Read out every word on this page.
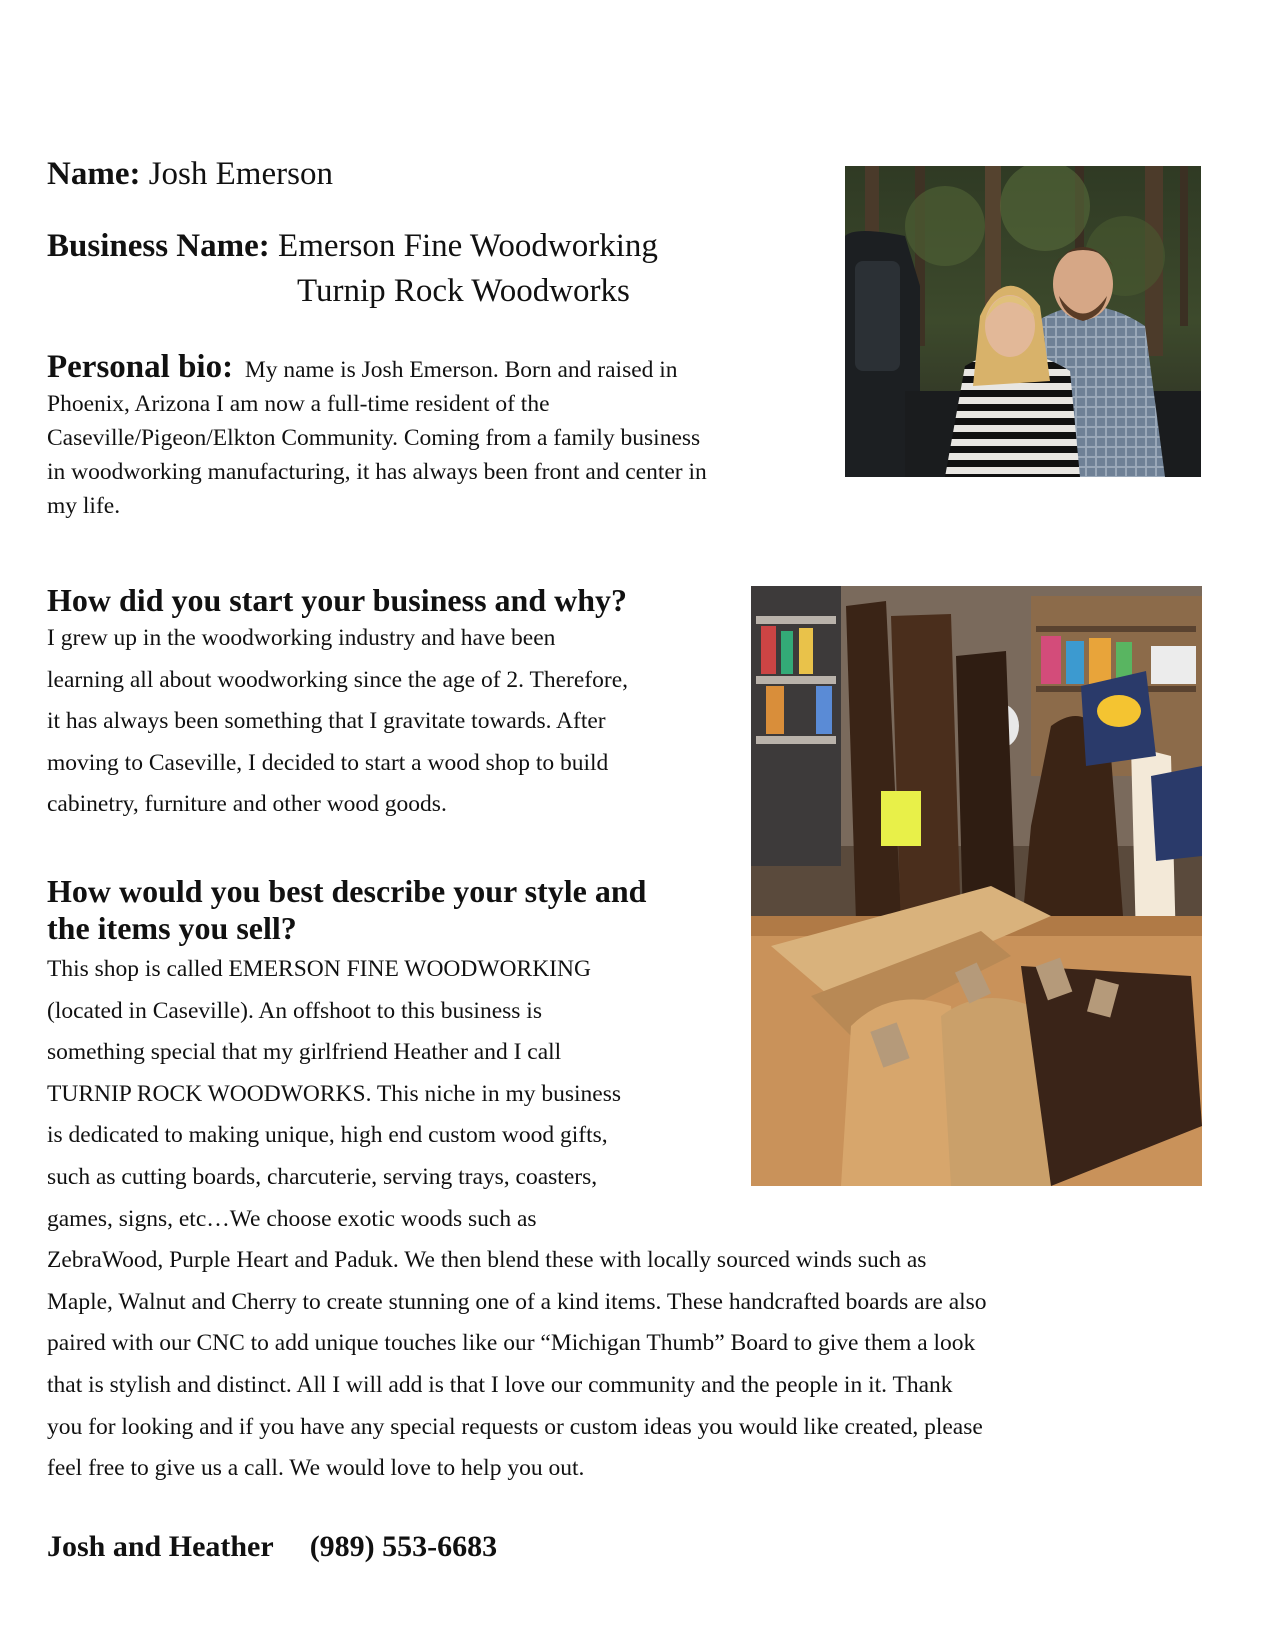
Name: Josh Emerson
Business Name: Emerson Fine Woodworking
Turnip Rock Woodworks
Personal bio: My name is Josh Emerson. Born and raised in
Phoenix, Arizona I am now a full-time resident of the
Caseville/Pigeon/Elkton Community. Coming from a family business
in woodworking manufacturing, it has always been front and center in
my life.
How did you start your business and why?
I grew up in the woodworking industry and have been
learning all about woodworking since the age of 2. Therefore,
it has always been something that I gravitate towards. After
moving to Caseville, I decided to start a wood shop to build
cabinetry, furniture and other wood goods.
How would you best describe your style and
the items you sell?
This shop is called EMERSON FINE WOODWORKING
(located in Caseville). An offshoot to this business is
something special that my girlfriend Heather and I call
TURNIP ROCK WOODWORKS. This niche in my business
is dedicated to making unique, high end custom wood gifts,
such as cutting boards, charcuterie, serving trays, coasters,
games, signs, etc…We choose exotic woods such as
ZebraWood, Purple Heart and Paduk. We then blend these with locally sourced winds such as
Maple, Walnut and Cherry to create stunning one of a kind items. These handcrafted boards are also
paired with our CNC to add unique touches like our “Michigan Thumb” Board to give them a look
that is stylish and distinct. All I will add is that I love our community and the people in it. Thank
you for looking and if you have any special requests or custom ideas you would like created, please
feel free to give us a call. We would love to help you out.
Josh and Heather (989) 553-6683
